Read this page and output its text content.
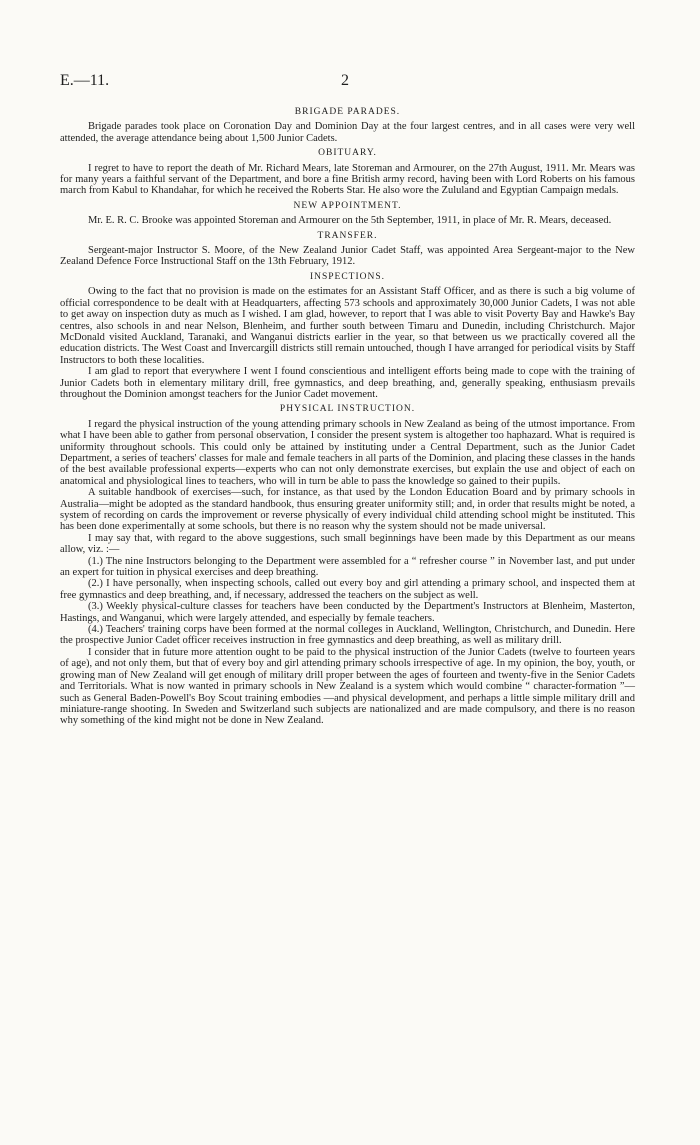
E.—11.	2
BRIGADE PARADES.

Brigade parades took place on Coronation Day and Dominion Day at the four largest centres, and in all cases were very well attended, the average attendance being about 1,500 Junior Cadets.

OBITUARY.

I regret to have to report the death of Mr. Richard Mears, late Storeman and Armourer, on the 27th August, 1911. Mr. Mears was for many years a faithful servant of the Department, and bore a fine British army record, having been with Lord Roberts on his famous march from Kabul to Khandahar, for which he received the Roberts Star. He also wore the Zululand and Egyptian Campaign medals.

NEW APPOINTMENT.

Mr. E. R. C. Brooke was appointed Storeman and Armourer on the 5th September, 1911, in place of Mr. R. Mears, deceased.

TRANSFER.

Sergeant-major Instructor S. Moore, of the New Zealand Junior Cadet Staff, was appointed Area Sergeant-major to the New Zealand Defence Force Instructional Staff on the 13th February, 1912.

INSPECTIONS.

Owing to the fact that no provision is made on the estimates for an Assistant Staff Officer, and as there is such a big volume of official correspondence to be dealt with at Headquarters, affecting 573 schools and approximately 30,000 Junior Cadets, I was not able to get away on inspection duty as much as I wished. I am glad, however, to report that I was able to visit Poverty Bay and Hawke's Bay centres, also schools in and near Nelson, Blenheim, and further south between Timaru and Dunedin, including Christchurch. Major McDonald visited Auckland, Taranaki, and Wanganui districts earlier in the year, so that between us we practically covered all the education districts. The West Coast and Invercargill districts still remain untouched, though I have arranged for periodical visits by Staff Instructors to both these localities.

I am glad to report that everywhere I went I found conscientious and intelligent efforts being made to cope with the training of Junior Cadets both in elementary military drill, free gymnastics, and deep breathing, and, generally speaking, enthusiasm prevails throughout the Dominion amongst teachers for the Junior Cadet movement.

PHYSICAL INSTRUCTION.

I regard the physical instruction of the young attending primary schools in New Zealand as being of the utmost importance. From what I have been able to gather from personal observation, I consider the present system is altogether too haphazard. What is required is uniformity throughout schools. This could only be attained by instituting under a Central Department, such as the Junior Cadet Department, a series of teachers' classes for male and female teachers in all parts of the Dominion, and placing these classes in the hands of the best available professional experts—experts who can not only demonstrate exercises, but explain the use and object of each on anatomical and physiological lines to teachers, who will in turn be able to pass the knowledge so gained to their pupils.

A suitable handbook of exercises—such, for instance, as that used by the London Education Board and by primary schools in Australia—might be adopted as the standard handbook, thus ensuring greater uniformity still; and, in order that results might be noted, a system of recording on cards the improvement or reverse physically of every individual child attending school might be instituted. This has been done experimentally at some schools, but there is no reason why the system should not be made universal.

I may say that, with regard to the above suggestions, such small beginnings have been made by this Department as our means allow, viz. :—

(1.) The nine Instructors belonging to the Department were assembled for a “ refresher course ” in November last, and put under an expert for tuition in physical exercises and deep breathing.

(2.) I have personally, when inspecting schools, called out every boy and girl attending a primary school, and inspected them at free gymnastics and deep breathing, and, if necessary, addressed the teachers on the subject as well.

(3.) Weekly physical-culture classes for teachers have been conducted by the Department's Instructors at Blenheim, Masterton, Hastings, and Wanganui, which were largely attended, and especially by female teachers.

(4.) Teachers' training corps have been formed at the normal colleges in Auckland, Wellington, Christchurch, and Dunedin. Here the prospective Junior Cadet officer receives instruction in free gymnastics and deep breathing, as well as military drill.

I consider that in future more attention ought to be paid to the physical instruction of the Junior Cadets (twelve to fourteen years of age), and not only them, but that of every boy and girl attending primary schools irrespective of age. In my opinion, the boy, youth, or growing man of New Zealand will get enough of military drill proper between the ages of fourteen and twenty-five in the Senior Cadets and Territorials. What is now wanted in primary schools in New Zealand is a system which would combine “ character-formation ”—such as General Baden-Powell's Boy Scout training embodies —and physical development, and perhaps a little simple military drill and miniature-range shooting. In Sweden and Switzerland such subjects are nationalized and are made compulsory, and there is no reason why something of the kind might not be done in New Zealand.
